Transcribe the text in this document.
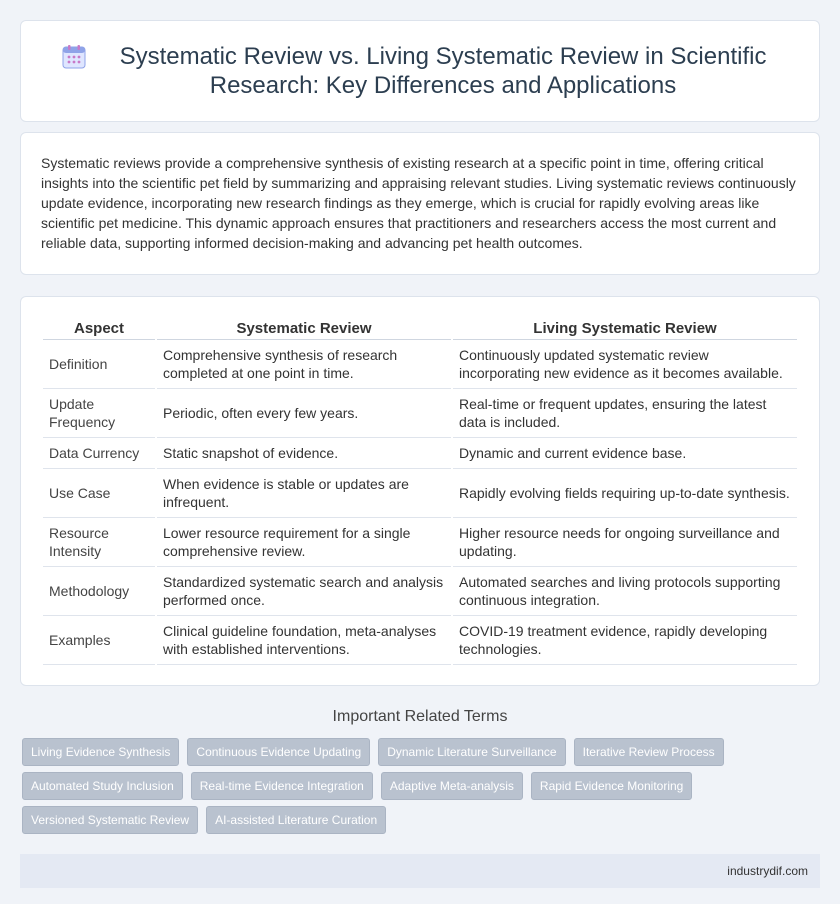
Systematic Review vs. Living Systematic Review in Scientific Research: Key Differences and Applications

Systematic reviews provide a comprehensive synthesis of existing research at a specific point in time, offering critical insights into the scientific pet field by summarizing and appraising relevant studies. Living systematic reviews continuously update evidence, incorporating new research findings as they emerge, which is crucial for rapidly evolving areas like scientific pet medicine. This dynamic approach ensures that practitioners and researchers access the most current and reliable data, supporting informed decision-making and advancing pet health outcomes.

Aspect	Systematic Review	Living Systematic Review
Definition	Comprehensive synthesis of research completed at one point in time.	Continuously updated systematic review incorporating new evidence as it becomes available.
Update Frequency	Periodic, often every few years.	Real-time or frequent updates, ensuring the latest data is included.
Data Currency	Static snapshot of evidence.	Dynamic and current evidence base.
Use Case	When evidence is stable or updates are infrequent.	Rapidly evolving fields requiring up-to-date synthesis.
Resource Intensity	Lower resource requirement for a single comprehensive review.	Higher resource needs for ongoing surveillance and updating.
Methodology	Standardized systematic search and analysis performed once.	Automated searches and living protocols supporting continuous integration.
Examples	Clinical guideline foundation, meta-analyses with established interventions.	COVID-19 treatment evidence, rapidly developing technologies.
Important Related Terms
Living Evidence Synthesis	Continuous Evidence Updating	Dynamic Literature Surveillance	Iterative Review Process
Automated Study Inclusion	Real-time Evidence Integration	Adaptive Meta-analysis	Rapid Evidence Monitoring
Versioned Systematic Review	AI-assisted Literature Curation
industrydif.com
